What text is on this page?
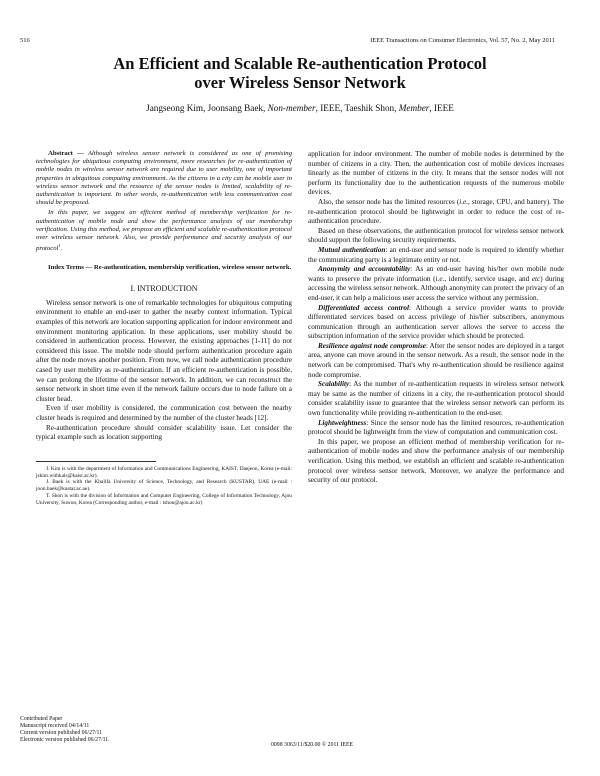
516	IEEE Transactions on Consumer Electronics, Vol. 57, No. 2, May 2011
An Efficient and Scalable Re-authentication Protocol
over Wireless Sensor Network
Jangseong Kim, Joonsang Baek, Non-member, IEEE, Taeshik Shon, Member, IEEE

Abstract — Although wireless sensor network is considered as one of promising technologies for ubiquitous computing environment, more researches for re-authentication of mobile nodes in wireless sensor network are required due to user mobility, one of important properties in ubiquitous computing environment. As the citizens in a city can be mobile user in wireless sensor network and the resource of the sensor nodes is limited, scalability of re-authentication is important. In other words, re-authentication with less communication cost should be proposed.

In this paper, we suggest an efficient method of membership verification for re-authentication of mobile node and show the performance analysis of our membership verification. Using this method, we propose an efficient and scalable re-authentication protocol over wireless sensor network. Also, we provide performance and security analysis of our protocol$^1$.

Index Terms — Re-authentication, membership verification, wireless sensor network.

I. INTRODUCTION

Wireless sensor network is one of remarkable technologies for ubiquitous computing environment to enable an end-user to gather the nearby context information. Typical examples of this network are location supporting application for indoor environment and environment monitoring application. In these applications, user mobility should be considered in authentication process. However, the existing approaches [1-11] do not considered this issue. The mobile node should perform authentication procedure again after the node moves another position. From now, we call node authentication procedure cased by user mobility as re-authentication. If an efficient re-authentication is possible, we can prolong the lifetime of the sensor network. In addition, we can reconstruct the sensor network in short time even if the network failure occurs due to node failure on a cluster head.

Even if user mobility is considered, the communication cost between the nearby cluster heads is required and determined by the number of the cluster heads [12].

Re-authentication procedure should consider scalability issue. Let consider the typical example such as location supporting

J. Kim is with the department of Information and Communications Engineering, KAIST, Daejeon, Korea (e-mail: jskim.withkals@kaist.ac.kr).

J. Baek is with the Khalifa University of Science, Technology, and Research (KUSTAR), UAE (e-mail : joon.baek@kustar.ac.ae).

T. Shon is with the division of Information and Computer Engineering, College of Information Technology, Ajou University, Suwon, Korea (Corresponding author, e-mail : tshon@ajou.ac.kr)

Contributed Paper
Manuscript received 04/14/11
Current version published 06/27/11
Electronic version published 06/27/11.
0098 3063/11/$20.00 © 2011 IEEE

application for indoor environment. The number of mobile nodes is determined by the number of citizens in a city. Then, the authentication cost of mobile devices increases linearly as the number of citizens in the city. It means that the sensor nodes will not perform its functionality due to the authentication requests of the numerous mobile devices.

Also, the sensor node has the limited resources (i.e., storage, CPU, and battery). The re-authentication protocol should be lightweight in order to reduce the cost of re-authentication procedure.

Based on these observations, the authentication protocol for wireless sensor network should support the following security requirements.

Mutual authentication: an end-user and sensor node is required to identify whether the communicating party is a legitimate entity or not.

Anonymity and accountability: As an end-user having his/her own mobile node wants to preserve the private information (i.e., identify, service usage, and etc) during accessing the wireless sensor network. Although anonymity can protect the privacy of an end-user, it can help a malicious user access the service without any permission.

Differentiated access control: Although a service provider wants to provide differentiated services based on access privilege of his/her subscribers, anonymous communication through an authentication server allows the server to access the subscription information of the service provider which should be protected.

Resilience against node compromise: After the sensor nodes are deployed in a target area, anyone can move around in the sensor network. As a result, the sensor node in the network can be compromised. That's why re-authentication should be resilience against node compromise.

Scalability: As the number of re-authentication requests in wireless sensor network may be same as the number of citizens in a city, the re-authentication protocol should consider scalability issue to guarantee that the wireless sensor network can perform its own functionality while providing re-authentication to the end-user.

Lightweightness: Since the sensor node has the limited resources, re-authentication protocol should be lightweight from the view of computation and communication cost.

In this paper, we propose an efficient method of membership verification for re-authentication of mobile nodes and show the performance analysis of our membership verification. Using this method, we establish an efficient and scalable re-authentication protocol over wireless sensor network. Moreover, we analyze the performance and security of our protocol.
